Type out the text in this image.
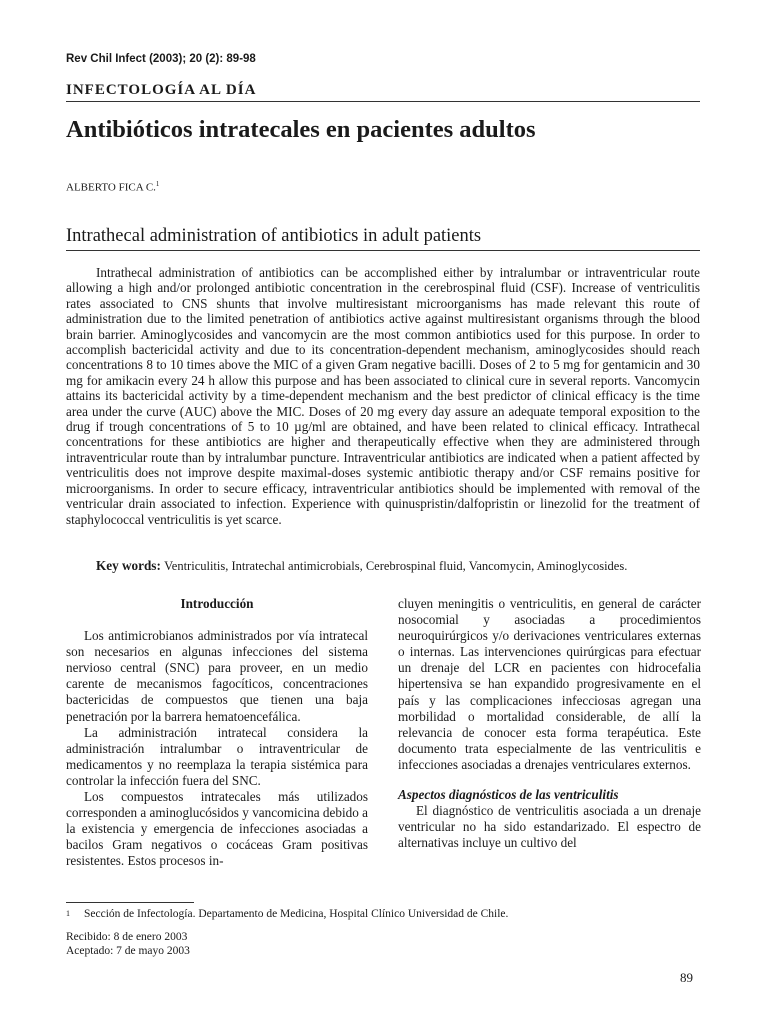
Rev Chil Infect (2003); 20 (2): 89-98
INFECTOLOGÍA AL DÍA
Antibióticos intratecales en pacientes adultos
ALBERTO FICA C.$^1$
Intrathecal administration of antibiotics in adult patients

Intrathecal administration of antibiotics can be accomplished either by intralumbar or intraventricular route allowing a high and/or prolonged antibiotic concentration in the cerebrospinal fluid (CSF). Increase of ventriculitis rates associated to CNS shunts that involve multiresistant microorganisms has made relevant this route of administration due to the limited penetration of antibiotics active against multiresistant organisms through the blood brain barrier. Aminoglycosides and vancomycin are the most common antibiotics used for this purpose. In order to accomplish bactericidal activity and due to its concentration-dependent mechanism, aminoglycosides should reach concentrations 8 to 10 times above the MIC of a given Gram negative bacilli. Doses of 2 to 5 mg for gentamicin and 30 mg for amikacin every 24 h allow this purpose and has been associated to clinical cure in several reports. Vancomycin attains its bactericidal activity by a time-dependent mechanism and the best predictor of clinical efficacy is the time area under the curve (AUC) above the MIC. Doses of 20 mg every day assure an adequate temporal exposition to the drug if trough concentrations of 5 to 10 µg/ml are obtained, and have been related to clinical efficacy. Intrathecal concentrations for these antibiotics are higher and therapeutically effective when they are administered through intraventricular route than by intralumbar puncture. Intraventricular antibiotics are indicated when a patient affected by ventriculitis does not improve despite maximal-doses systemic antibiotic therapy and/or CSF remains positive for microorganisms. In order to secure efficacy, intraventricular antibiotics should be implemented with removal of the ventricular drain associated to infection. Experience with quinuspristin/dalfopristin or linezolid for the treatment of staphylococcal ventriculitis is yet scarce.

Key words: Ventriculitis, Intratechal antimicrobials, Cerebrospinal fluid, Vancomycin, Aminoglycosides.

Introducción

Los antimicrobianos administrados por vía intratecal son necesarios en algunas infecciones del sistema nervioso central (SNC) para proveer, en un medio carente de mecanismos fagocíticos, concentraciones bactericidas de compuestos que tienen una baja penetración por la barrera hematoencefálica.

La administración intratecal considera la administración intralumbar o intraventricular de medicamentos y no reemplaza la terapia sistémica para controlar la infección fuera del SNC.

Los compuestos intratecales más utilizados corresponden a aminoglucósidos y vancomicina debido a la existencia y emergencia de infecciones asociadas a bacilos Gram negativos o cocáceas Gram positivas resistentes. Estos procesos in-

cluyen meningitis o ventriculitis, en general de carácter nosocomial y asociadas a procedimientos neuroquirúrgicos y/o derivaciones ventriculares externas o internas. Las intervenciones quirúrgicas para efectuar un drenaje del LCR en pacientes con hidrocefalia hipertensiva se han expandido progresivamente en el país y las complicaciones infecciosas agregan una morbilidad o mortalidad considerable, de allí la relevancia de conocer esta forma terapéutica. Este documento trata especialmente de las ventriculitis e infecciones asociadas a drenajes ventriculares externos.

Aspectos diagnósticos de las ventriculitis

El diagnóstico de ventriculitis asociada a un drenaje ventricular no ha sido estandarizado. El espectro de alternativas incluye un cultivo del

1 Sección de Infectología. Departamento de Medicina, Hospital Clínico Universidad de Chile.
Recibido: 8 de enero 2003
Aceptado: 7 de mayo 2003
89
